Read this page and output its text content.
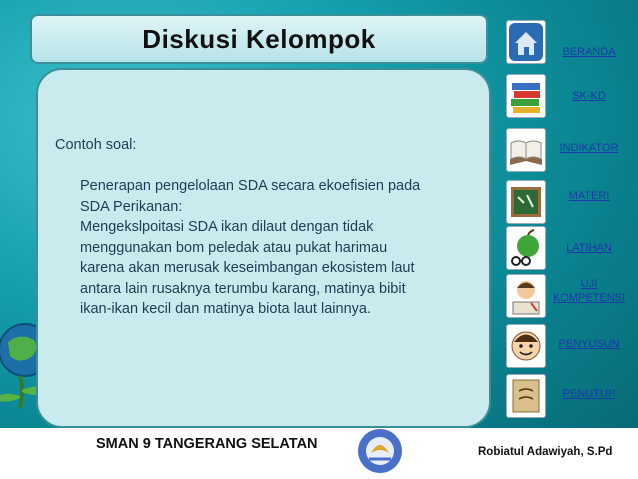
Diskusi Kelompok
Contoh soal:
Penerapan pengelolaan SDA secara ekoefisien pada
SDA Perikanan:
Mengekslpoitasi SDA ikan dilaut dengan tidak
menggunakan bom peledak atau pukat harimau
karena akan merusak keseimbangan ekosistem laut
antara lain rusaknya terumbu karang, matinya bibit
ikan-ikan kecil dan matinya biota laut lainnya.
BERANDA
SK-KD
INDIKATOR
MATERI
LATIHAN
UJI
KOMPETENSI
PENYUSUN
PENUTUP
SMAN 9 TANGERANG SELATAN	Robiatul Adawiyah, S.Pd
